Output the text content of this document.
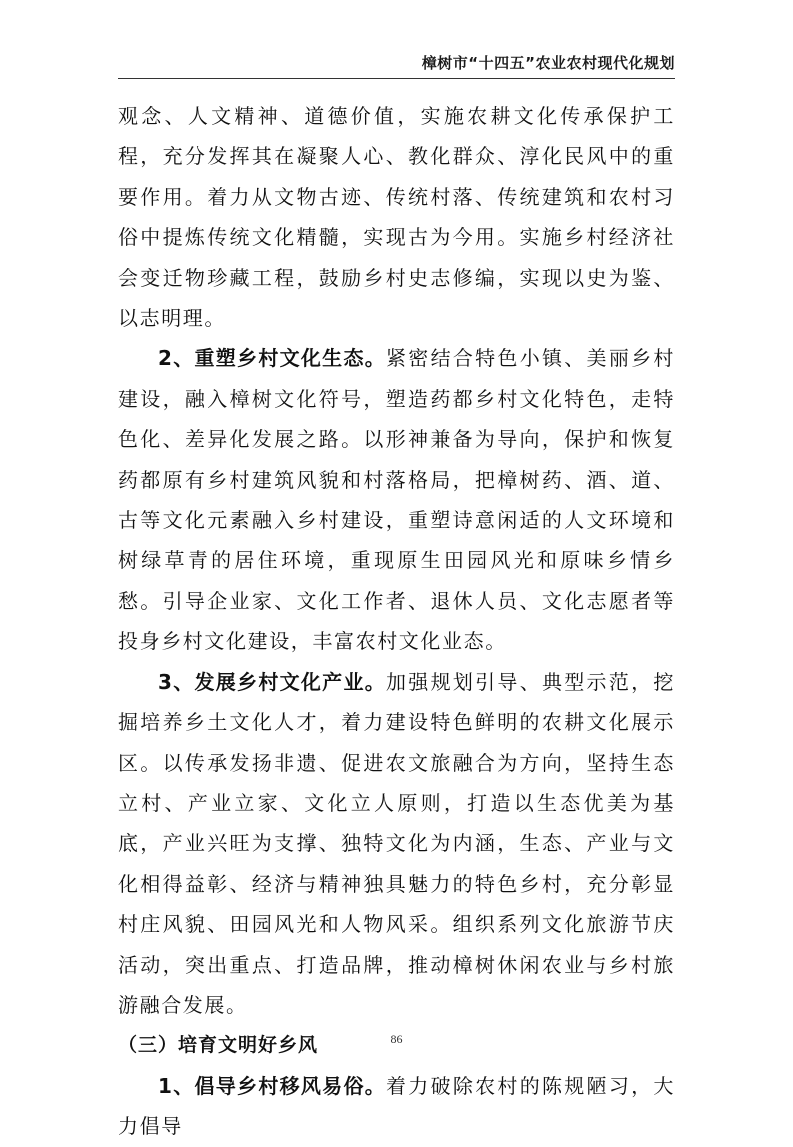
樟树市“十四五”农业农村现代化规划

观念、人文精神、道德价值，实施农耕文化传承保护工程，充分发挥其在凝聚人心、教化群众、淳化民风中的重要作用。着力从文物古迹、传统村落、传统建筑和农村习俗中提炼传统文化精髓，实现古为今用。实施乡村经济社会变迁物珍藏工程，鼓励乡村史志修编，实现以史为鉴、以志明理。

2、重塑乡村文化生态。紧密结合特色小镇、美丽乡村建设，融入樟树文化符号，塑造药都乡村文化特色，走特色化、差异化发展之路。以形神兼备为导向，保护和恢复药都原有乡村建筑风貌和村落格局，把樟树药、酒、道、古等文化元素融入乡村建设，重塑诗意闲适的人文环境和树绿草青的居住环境，重现原生田园风光和原味乡情乡愁。引导企业家、文化工作者、退休人员、文化志愿者等投身乡村文化建设，丰富农村文化业态。

3、发展乡村文化产业。加强规划引导、典型示范，挖掘培养乡土文化人才，着力建设特色鲜明的农耕文化展示区。以传承发扬非遗、促进农文旅融合为方向，坚持生态立村、产业立家、文化立人原则，打造以生态优美为基底，产业兴旺为支撑、独特文化为内涵，生态、产业与文化相得益彰、经济与精神独具魅力的特色乡村，充分彰显村庄风貌、田园风光和人物风采。组织系列文化旅游节庆活动，突出重点、打造品牌，推动樟树休闲农业与乡村旅游融合发展。

（三）培育文明好乡风

1、倡导乡村移风易俗。着力破除农村的陈规陋习，大力倡导

86
